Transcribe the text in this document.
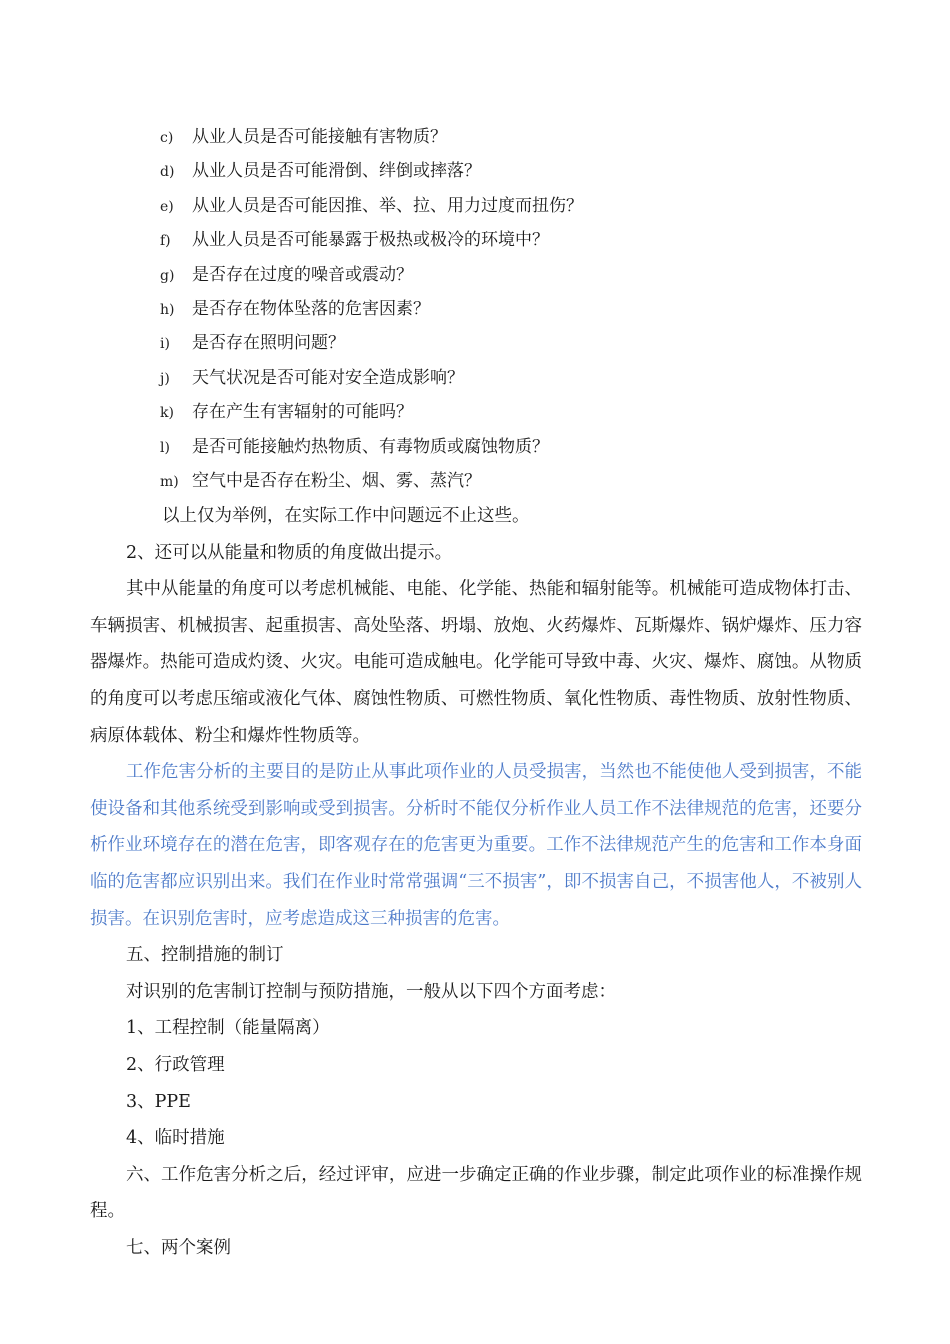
c) 从业人员是否可能接触有害物质？
d) 从业人员是否可能滑倒、绊倒或摔落？
e) 从业人员是否可能因推、举、拉、用力过度而扭伤？
f) 从业人员是否可能暴露于极热或极冷的环境中？
g) 是否存在过度的噪音或震动？
h) 是否存在物体坠落的危害因素？
i) 是否存在照明问题？
j) 天气状况是否可能对安全造成影响？
k) 存在产生有害辐射的可能吗？
l) 是否可能接触灼热物质、有毒物质或腐蚀物质？
m) 空气中是否存在粉尘、烟、雾、蒸汽？

以上仅为举例，在实际工作中问题远不止这些。

2、还可以从能量和物质的角度做出提示。

其中从能量的角度可以考虑机械能、电能、化学能、热能和辐射能等。机械能可造成物体打击、车辆损害、机械损害、起重损害、高处坠落、坍塌、放炮、火药爆炸、瓦斯爆炸、锅炉爆炸、压力容器爆炸。热能可造成灼烫、火灾。电能可造成触电。化学能可导致中毒、火灾、爆炸、腐蚀。从物质的角度可以考虑压缩或液化气体、腐蚀性物质、可燃性物质、氧化性物质、毒性物质、放射性物质、病原体载体、粉尘和爆炸性物质等。

工作危害分析的主要目的是防止从事此项作业的人员受损害，当然也不能使他人受到损害，不能使设备和其他系统受到影响或受到损害。分析时不能仅分析作业人员工作不法律规范的危害，还要分析作业环境存在的潜在危害，即客观存在的危害更为重要。工作不法律规范产生的危害和工作本身面临的危害都应识别出来。我们在作业时常常强调“三不损害”，即不损害自己，不损害他人，不被别人损害。在识别危害时，应考虑造成这三种损害的危害。

五、控制措施的制订

对识别的危害制订控制与预防措施，一般从以下四个方面考虑：

1、工程控制（能量隔离）

2、行政管理

3、PPE

4、临时措施

六、工作危害分析之后，经过评审，应进一步确定正确的作业步骤，制定此项作业的标准操作规程。

七、两个案例
